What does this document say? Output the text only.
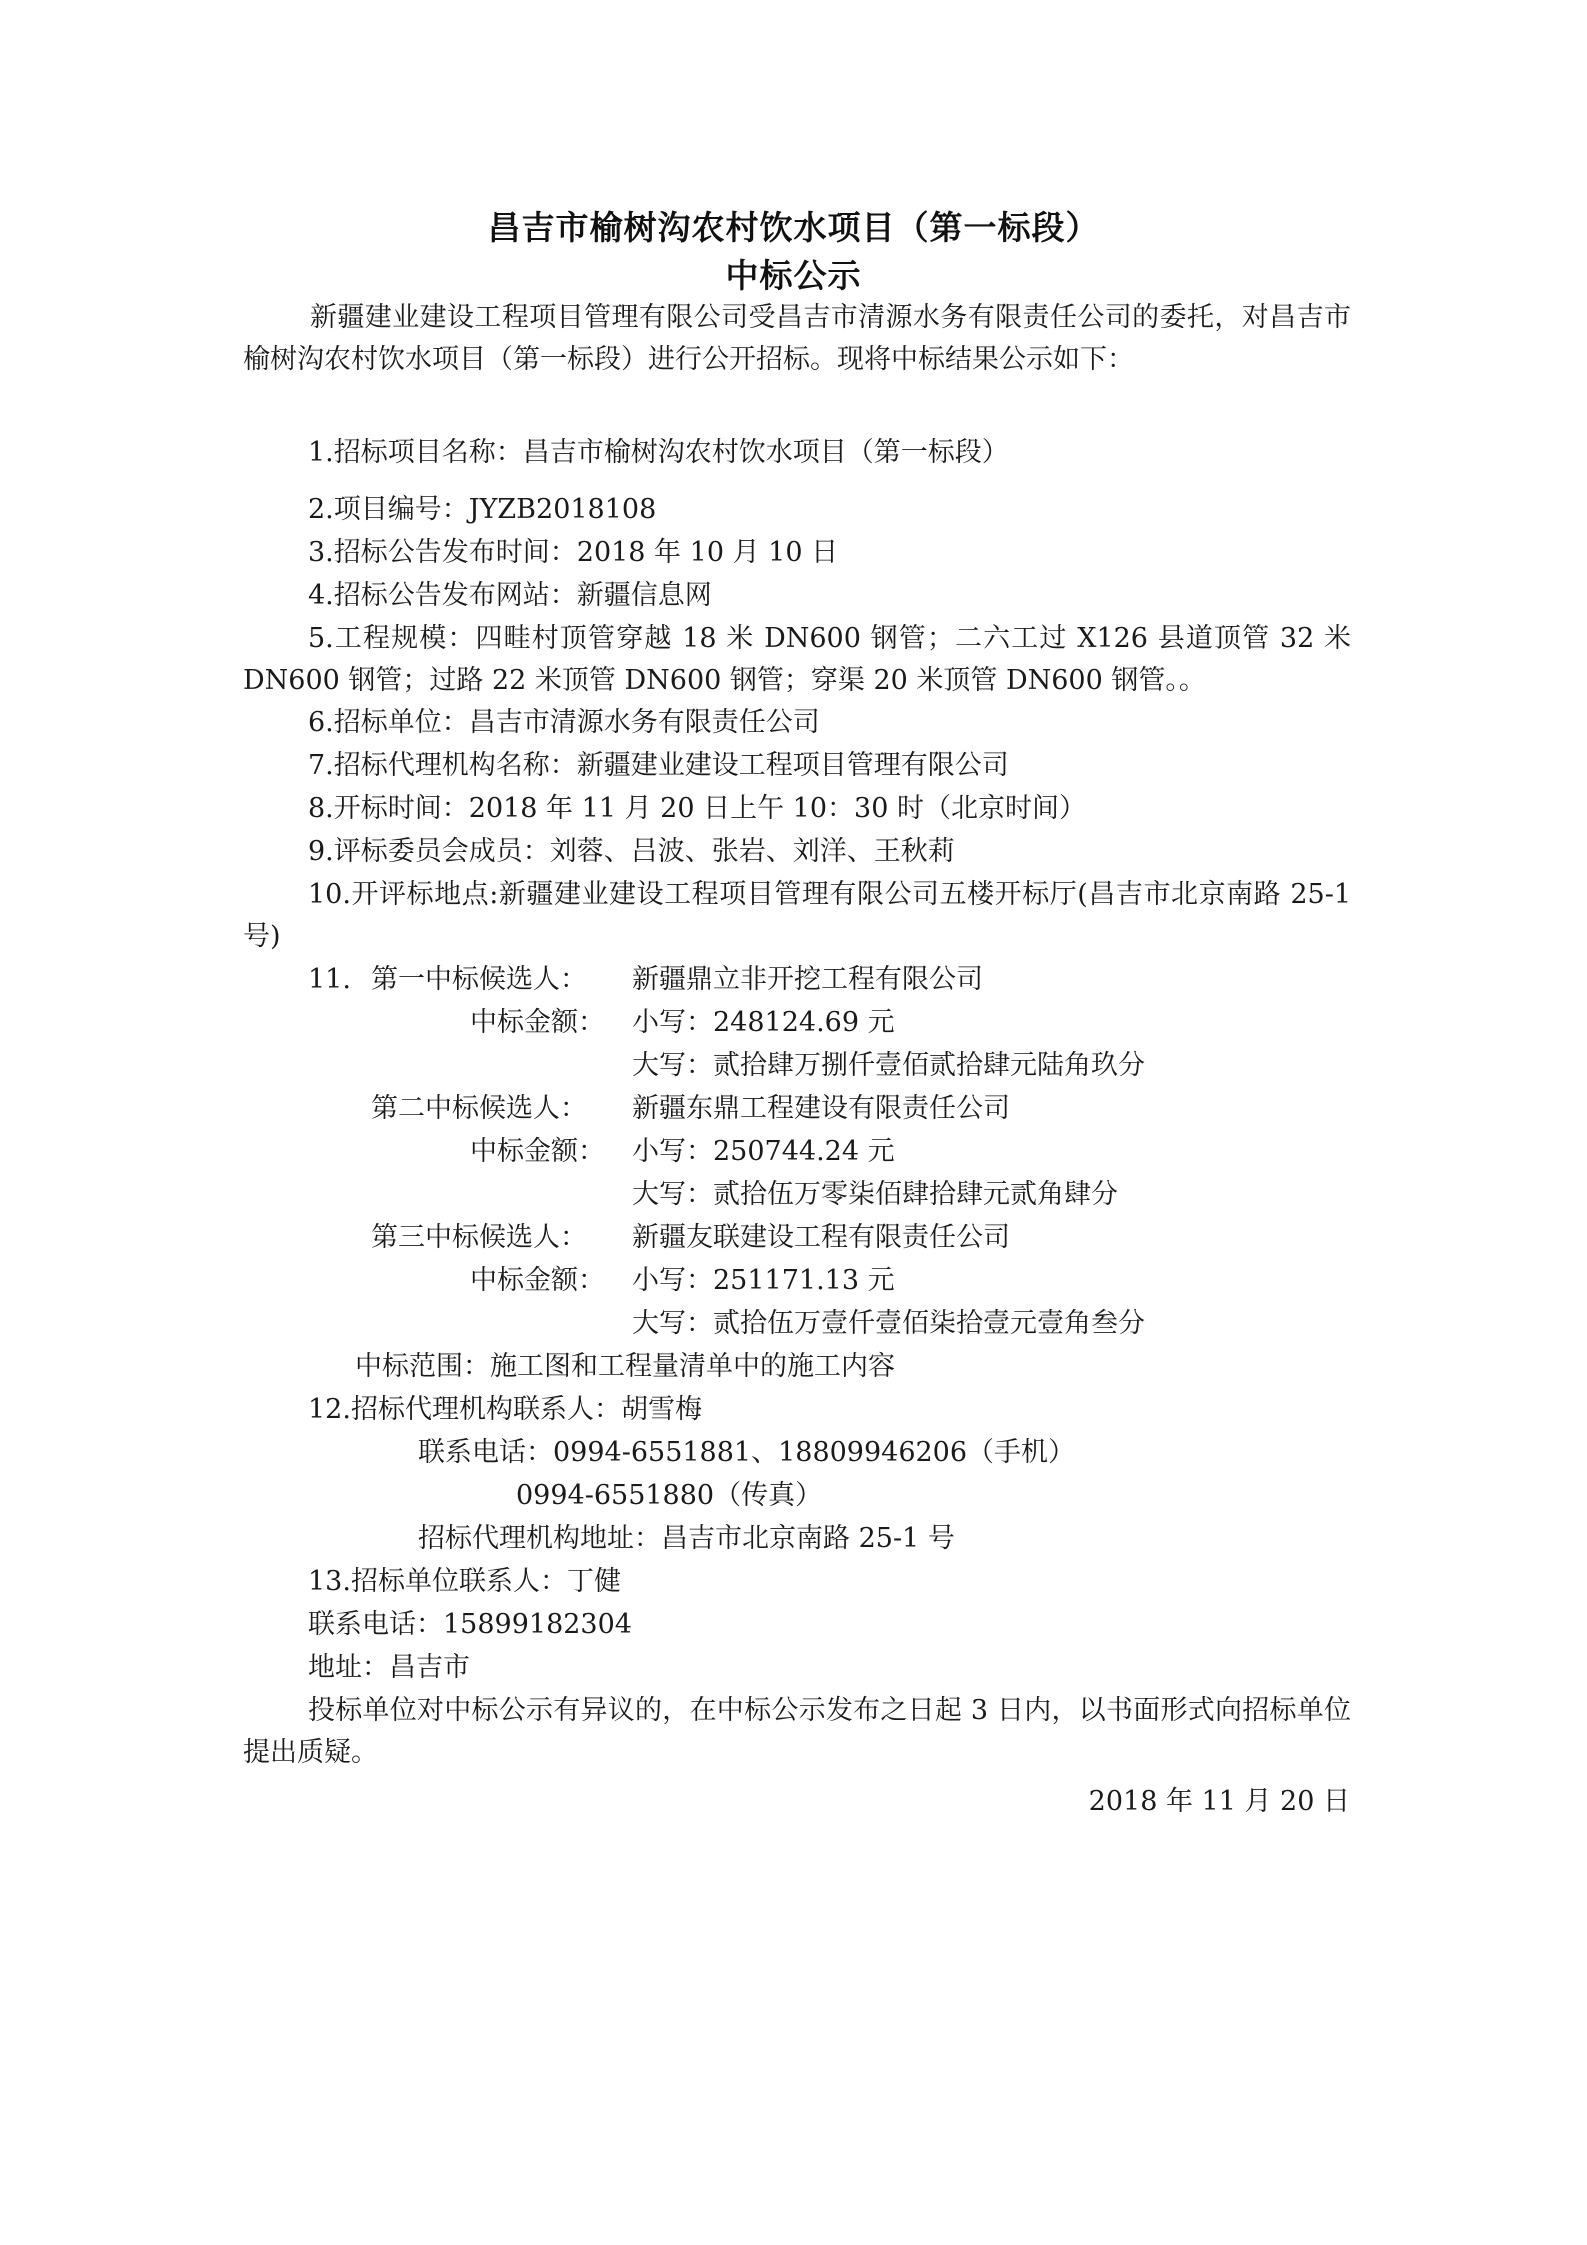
昌吉市榆树沟农村饮水项目（第一标段）
中标公示
新疆建业建设工程项目管理有限公司受昌吉市清源水务有限责任公司的委托，对昌吉市榆树沟农村饮水项目（第一标段）进行公开招标。现将中标结果公示如下：
1.招标项目名称：昌吉市榆树沟农村饮水项目（第一标段）
2.项目编号：JYZB2018108
3.招标公告发布时间：2018 年 10 月 10 日
4.招标公告发布网站：新疆信息网
5.工程规模：四畦村顶管穿越 18 米 DN600 钢管；二六工过 X126 县道顶管 32 米 DN600 钢管；过路 22 米顶管 DN600 钢管；穿渠 20 米顶管 DN600 钢管。。
6.招标单位：昌吉市清源水务有限责任公司
7.招标代理机构名称：新疆建业建设工程项目管理有限公司
8.开标时间：2018 年 11 月 20 日上午 10：30 时（北京时间）
9.评标委员会成员：刘蓉、吕波、张岩、刘洋、王秋莉
10.开评标地点:新疆建业建设工程项目管理有限公司五楼开标厅(昌吉市北京南路 25-1 号)
11. 第一中标候选人： 新疆鼎立非开挖工程有限公司
中标金额： 小写：248124.69 元
大写：贰拾肆万捌仟壹佰贰拾肆元陆角玖分
第二中标候选人： 新疆东鼎工程建设有限责任公司
中标金额： 小写：250744.24 元
大写：贰拾伍万零柒佰肆拾肆元贰角肆分
第三中标候选人： 新疆友联建设工程有限责任公司
中标金额： 小写：251171.13 元
大写：贰拾伍万壹仟壹佰柒拾壹元壹角叁分
中标范围：施工图和工程量清单中的施工内容
12.招标代理机构联系人：胡雪梅
联系电话：0994-6551881、18809946206（手机）
0994-6551880（传真）
招标代理机构地址：昌吉市北京南路 25-1 号
13.招标单位联系人：丁健
联系电话：15899182304
地址：昌吉市
投标单位对中标公示有异议的，在中标公示发布之日起 3 日内，以书面形式向招标单位提出质疑。
2018 年 11 月 20 日
